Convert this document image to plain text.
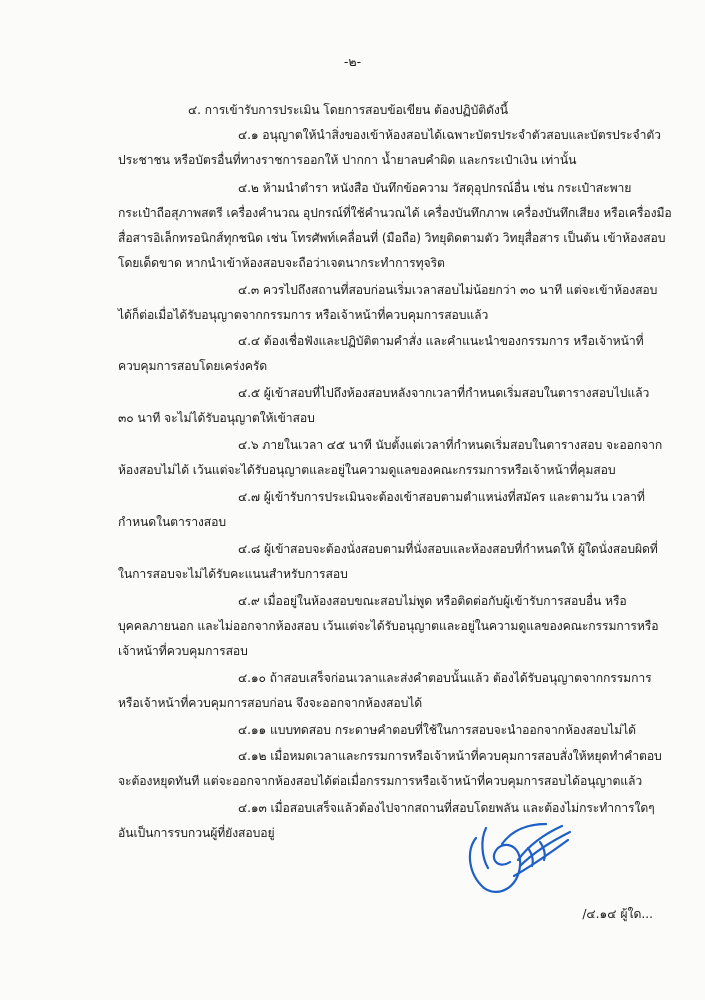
-๒-
๔. การเข้ารับการประเมิน โดยการสอบข้อเขียน ต้องปฏิบัติดังนี้
๔.๑ อนุญาตให้นำสิ่งของเข้าห้องสอบได้เฉพาะบัตรประจำตัวสอบและบัตรประจำตัว
ประชาชน หรือบัตรอื่นที่ทางราชการออกให้ ปากกา น้ำยาลบคำผิด และกระเป๋าเงิน เท่านั้น
๔.๒ ห้ามนำตำรา หนังสือ บันทึกข้อความ วัสดุอุปกรณ์อื่น เช่น กระเป๋าสะพาย
กระเป๋าถือสุภาพสตรี เครื่องคำนวณ อุปกรณ์ที่ใช้คำนวณได้ เครื่องบันทึกภาพ เครื่องบันทึกเสียง หรือเครื่องมือ
สื่อสารอิเล็กทรอนิกส์ทุกชนิด เช่น โทรศัพท์เคลื่อนที่ (มือถือ) วิทยุติดตามตัว วิทยุสื่อสาร เป็นต้น เข้าห้องสอบ
โดยเด็ดขาด หากนำเข้าห้องสอบจะถือว่าเจตนากระทำการทุจริต
๔.๓ ควรไปถึงสถานที่สอบก่อนเริ่มเวลาสอบไม่น้อยกว่า ๓๐ นาที แต่จะเข้าห้องสอบ
ได้ก็ต่อเมื่อได้รับอนุญาตจากกรรมการ หรือเจ้าหน้าที่ควบคุมการสอบแล้ว
๔.๔ ต้องเชื่อฟังและปฏิบัติตามคำสั่ง และคำแนะนำของกรรมการ หรือเจ้าหน้าที่
ควบคุมการสอบโดยเคร่งครัด
๔.๕ ผู้เข้าสอบที่ไปถึงห้องสอบหลังจากเวลาที่กำหนดเริ่มสอบในตารางสอบไปแล้ว
๓๐ นาที จะไม่ได้รับอนุญาตให้เข้าสอบ
๔.๖ ภายในเวลา ๔๕ นาที นับตั้งแต่เวลาที่กำหนดเริ่มสอบในตารางสอบ จะออกจาก
ห้องสอบไม่ได้ เว้นแต่จะได้รับอนุญาตและอยู่ในความดูแลของคณะกรรมการหรือเจ้าหน้าที่คุมสอบ
๔.๗ ผู้เข้ารับการประเมินจะต้องเข้าสอบตามตำแหน่งที่สมัคร และตามวัน เวลาที่
กำหนดในตารางสอบ
๔.๘ ผู้เข้าสอบจะต้องนั่งสอบตามที่นั่งสอบและห้องสอบที่กำหนดให้ ผู้ใดนั่งสอบผิดที่
ในการสอบจะไม่ได้รับคะแนนสำหรับการสอบ
๔.๙ เมื่ออยู่ในห้องสอบขณะสอบไม่พูด หรือติดต่อกับผู้เข้ารับการสอบอื่น หรือ
บุคคลภายนอก และไม่ออกจากห้องสอบ เว้นแต่จะได้รับอนุญาตและอยู่ในความดูแลของคณะกรรมการหรือ
เจ้าหน้าที่ควบคุมการสอบ
๔.๑๐ ถ้าสอบเสร็จก่อนเวลาและส่งคำตอบนั้นแล้ว ต้องได้รับอนุญาตจากกรรมการ
หรือเจ้าหน้าที่ควบคุมการสอบก่อน จึงจะออกจากห้องสอบได้
๔.๑๑ แบบทดสอบ กระดาษคำตอบที่ใช้ในการสอบจะนำออกจากห้องสอบไม่ได้
๔.๑๒ เมื่อหมดเวลาและกรรมการหรือเจ้าหน้าที่ควบคุมการสอบสั่งให้หยุดทำคำตอบ
จะต้องหยุดทันที แต่จะออกจากห้องสอบได้ต่อเมื่อกรรมการหรือเจ้าหน้าที่ควบคุมการสอบได้อนุญาตแล้ว
๔.๑๓ เมื่อสอบเสร็จแล้วต้องไปจากสถานที่สอบโดยพลัน และต้องไม่กระทำการใดๆ
อันเป็นการรบกวนผู้ที่ยังสอบอยู่
/๔.๑๔ ผู้ใด...
